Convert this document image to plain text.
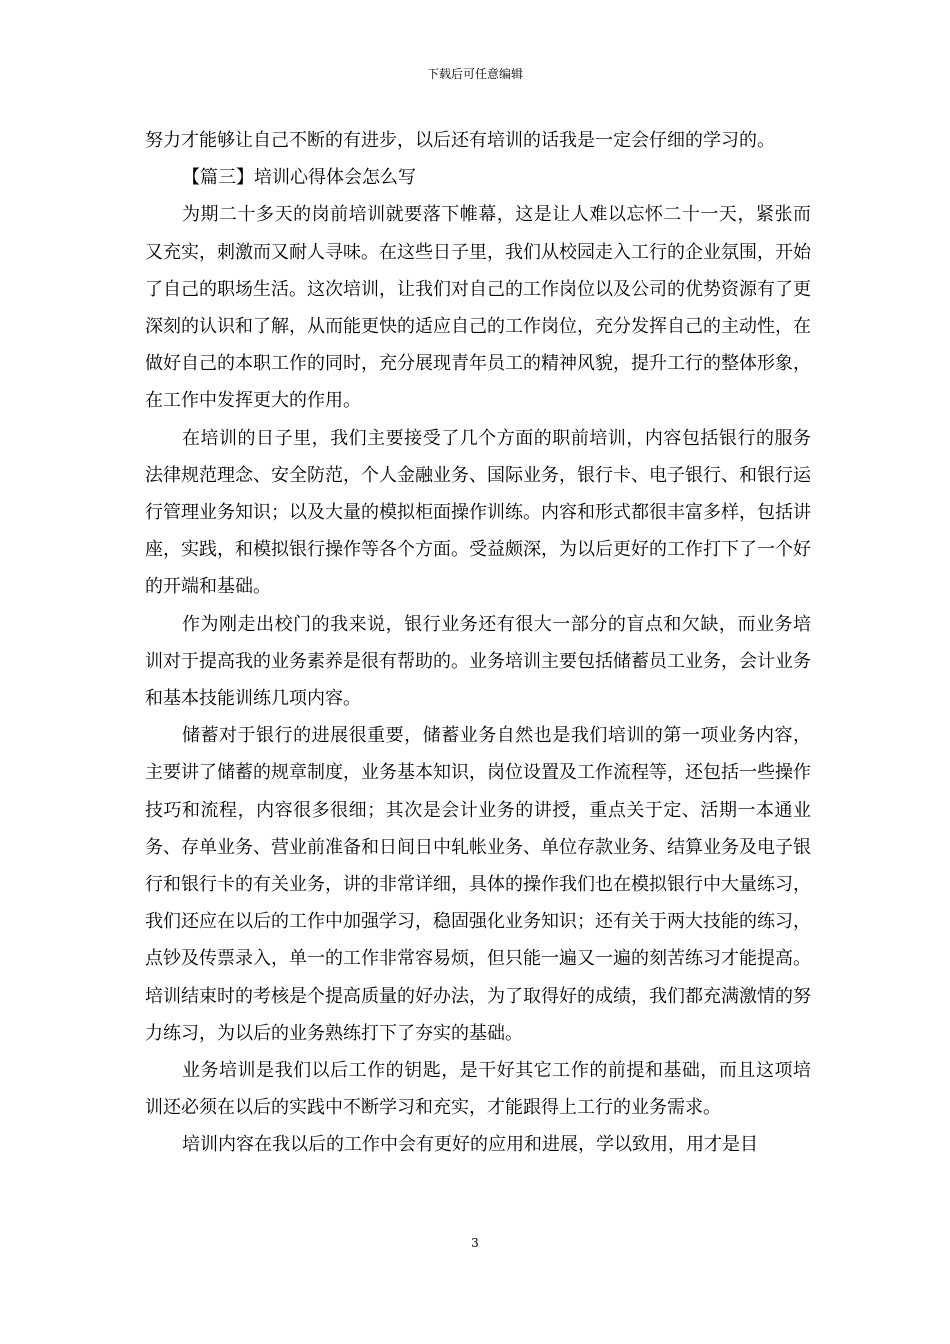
下载后可任意编辑

努力才能够让自己不断的有进步，以后还有培训的话我是一定会仔细的学习的。

【篇三】培训心得体会怎么写

为期二十多天的岗前培训就要落下帷幕，这是让人难以忘怀二十一天，紧张而又充实，刺激而又耐人寻味。在这些日子里，我们从校园走入工行的企业氛围，开始了自己的职场生活。这次培训，让我们对自己的工作岗位以及公司的优势资源有了更深刻的认识和了解，从而能更快的适应自己的工作岗位，充分发挥自己的主动性，在做好自己的本职工作的同时，充分展现青年员工的精神风貌，提升工行的整体形象，在工作中发挥更大的作用。

在培训的日子里，我们主要接受了几个方面的职前培训，内容包括银行的服务法律规范理念、安全防范，个人金融业务、国际业务，银行卡、电子银行、和银行运行管理业务知识；以及大量的模拟柜面操作训练。内容和形式都很丰富多样，包括讲座，实践，和模拟银行操作等各个方面。受益颇深，为以后更好的工作打下了一个好的开端和基础。

作为刚走出校门的我来说，银行业务还有很大一部分的盲点和欠缺，而业务培训对于提高我的业务素养是很有帮助的。业务培训主要包括储蓄员工业务，会计业务和基本技能训练几项内容。

储蓄对于银行的进展很重要，储蓄业务自然也是我们培训的第一项业务内容，主要讲了储蓄的规章制度，业务基本知识，岗位设置及工作流程等，还包括一些操作技巧和流程，内容很多很细；其次是会计业务的讲授，重点关于定、活期一本通业务、存单业务、营业前准备和日间日中轧帐业务、单位存款业务、结算业务及电子银行和银行卡的有关业务，讲的非常详细，具体的操作我们也在模拟银行中大量练习，我们还应在以后的工作中加强学习，稳固强化业务知识；还有关于两大技能的练习，点钞及传票录入，单一的工作非常容易烦，但只能一遍又一遍的刻苦练习才能提高。培训结束时的考核是个提高质量的好办法，为了取得好的成绩，我们都充满激情的努力练习，为以后的业务熟练打下了夯实的基础。

业务培训是我们以后工作的钥匙，是干好其它工作的前提和基础，而且这项培训还必须在以后的实践中不断学习和充实，才能跟得上工行的业务需求。

培训内容在我以后的工作中会有更好的应用和进展，学以致用，用才是目

3
